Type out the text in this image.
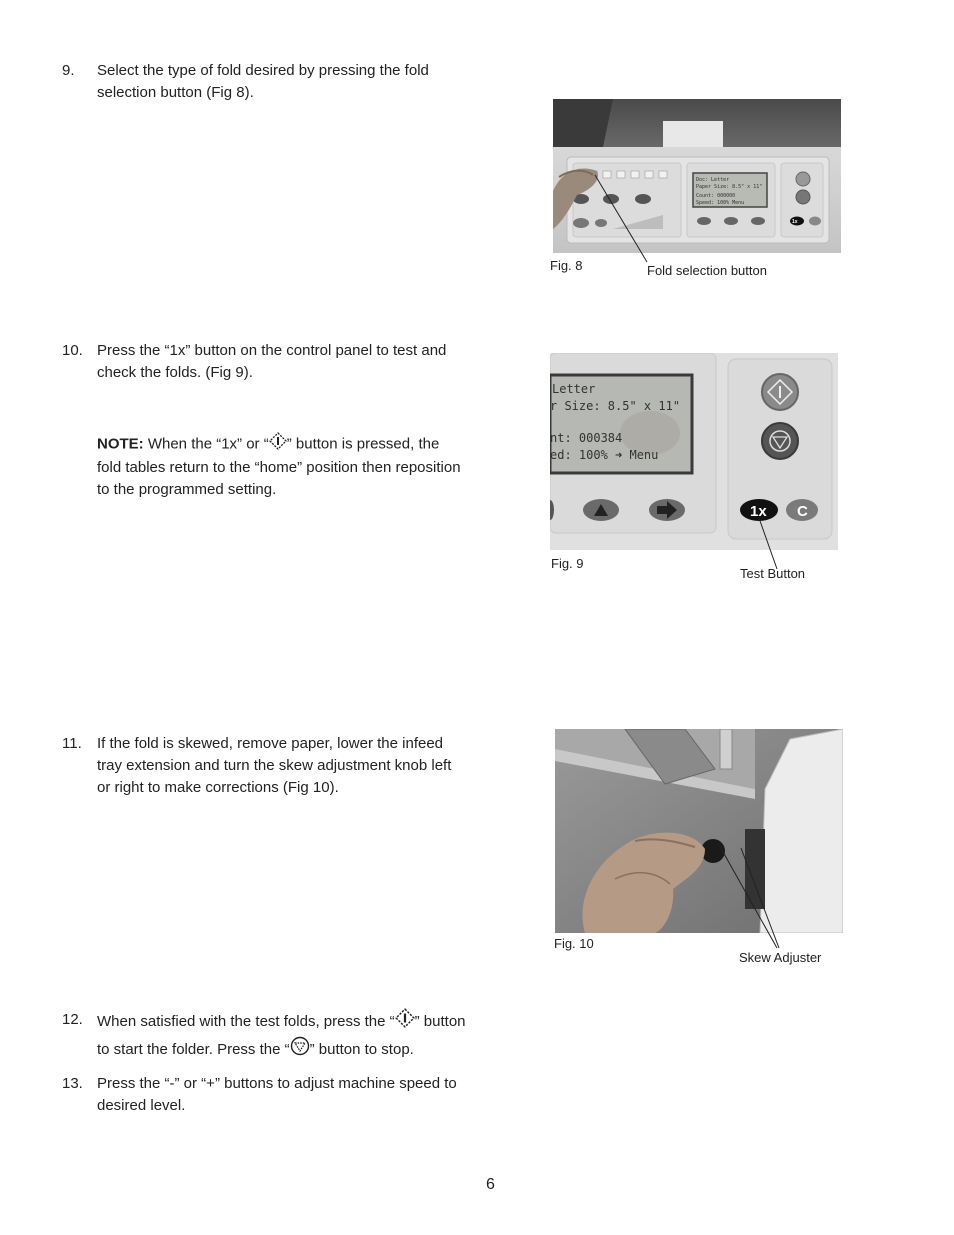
9. Select the type of fold desired by pressing the fold
selection button (Fig 8).
10. Press the “1x” button on the control panel to test and
check the folds. (Fig 9).
NOTE: When the “1x” or “ ” button is pressed, the
fold tables return to the “home” position then reposition
to the programmed setting.
11. If the fold is skewed, remove paper, lower the infeed
tray extension and turn the skew adjustment knob left
or right to make corrections (Fig 10).
12. When satisfied with the test folds, press the “ ” button
to start the folder. Press the “ ” button to stop.
13. Press the “-” or “+” buttons to adjust machine speed to
desired level.
Doc: Letter
Paper Size: 8.5" x 11"
Count: 000000
Speed: 100% Menu
1x
Fig. 8	Fold selection button
Letter
r Size: 8.5" x 11"
nt: 000384
ed: 100% ➜ Menu
1x C
Fig. 9
Test Button
Fig. 10
Skew Adjuster
6
